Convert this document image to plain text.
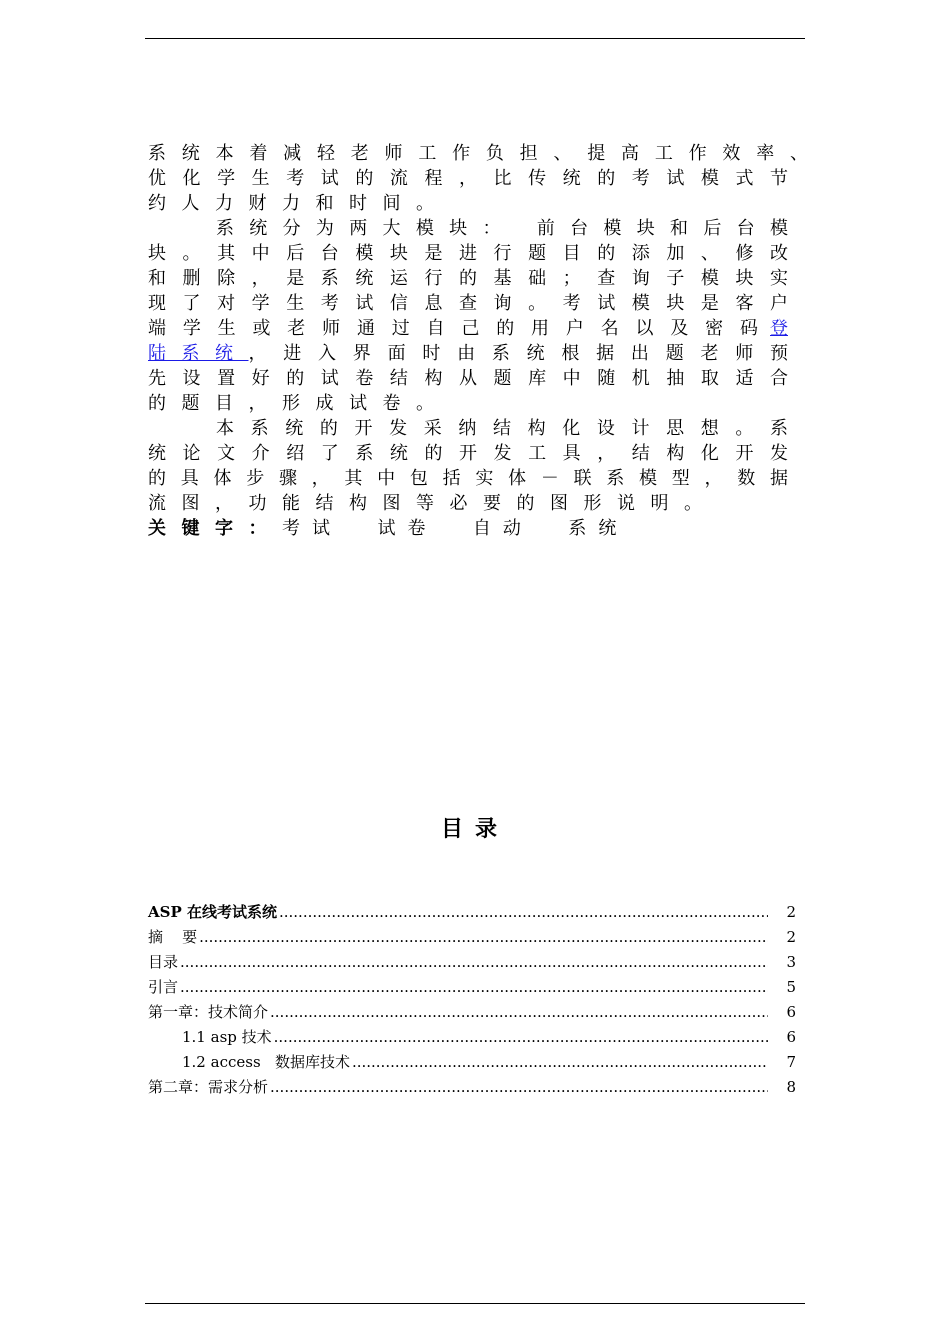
系统本着减轻老师工作负担、提高工作效率、
优化学生考试的流程，比传统的考试模式节
约人力财力和时间。
系统分为两大模块： 前台模块和后台模
块。其中后台模块是进行题目的添加、修改
和删除，是系统运行的基础；查询子模块实
现了对学生考试信息查询。考试模块是客户
端学生或老师通过自己的用户名以及密码 登
陆系统 ，进入界面时由系统根据出题老师预
先设置好的试卷结构从题库中随机抽取适合
的题目，形成试卷。
本系统的开发采纳结构化设计思想。系
统论文介绍了系统的开发工具，结构化开发
的具体步骤，其中包括实体－联系模型，数据
流图，功能结构图等必要的图形说明。
关键字：考试  试卷  自动  系统
目录
ASP 在线考试系统 .....	2
摘    要 .....	2
目录 .....	3
引言 .....	5
第一章：技术简介 .....	6
1.1 asp 技术 .....	6
1.2 access   数据库技术 .....	7
第二章：需求分析 .....	8
